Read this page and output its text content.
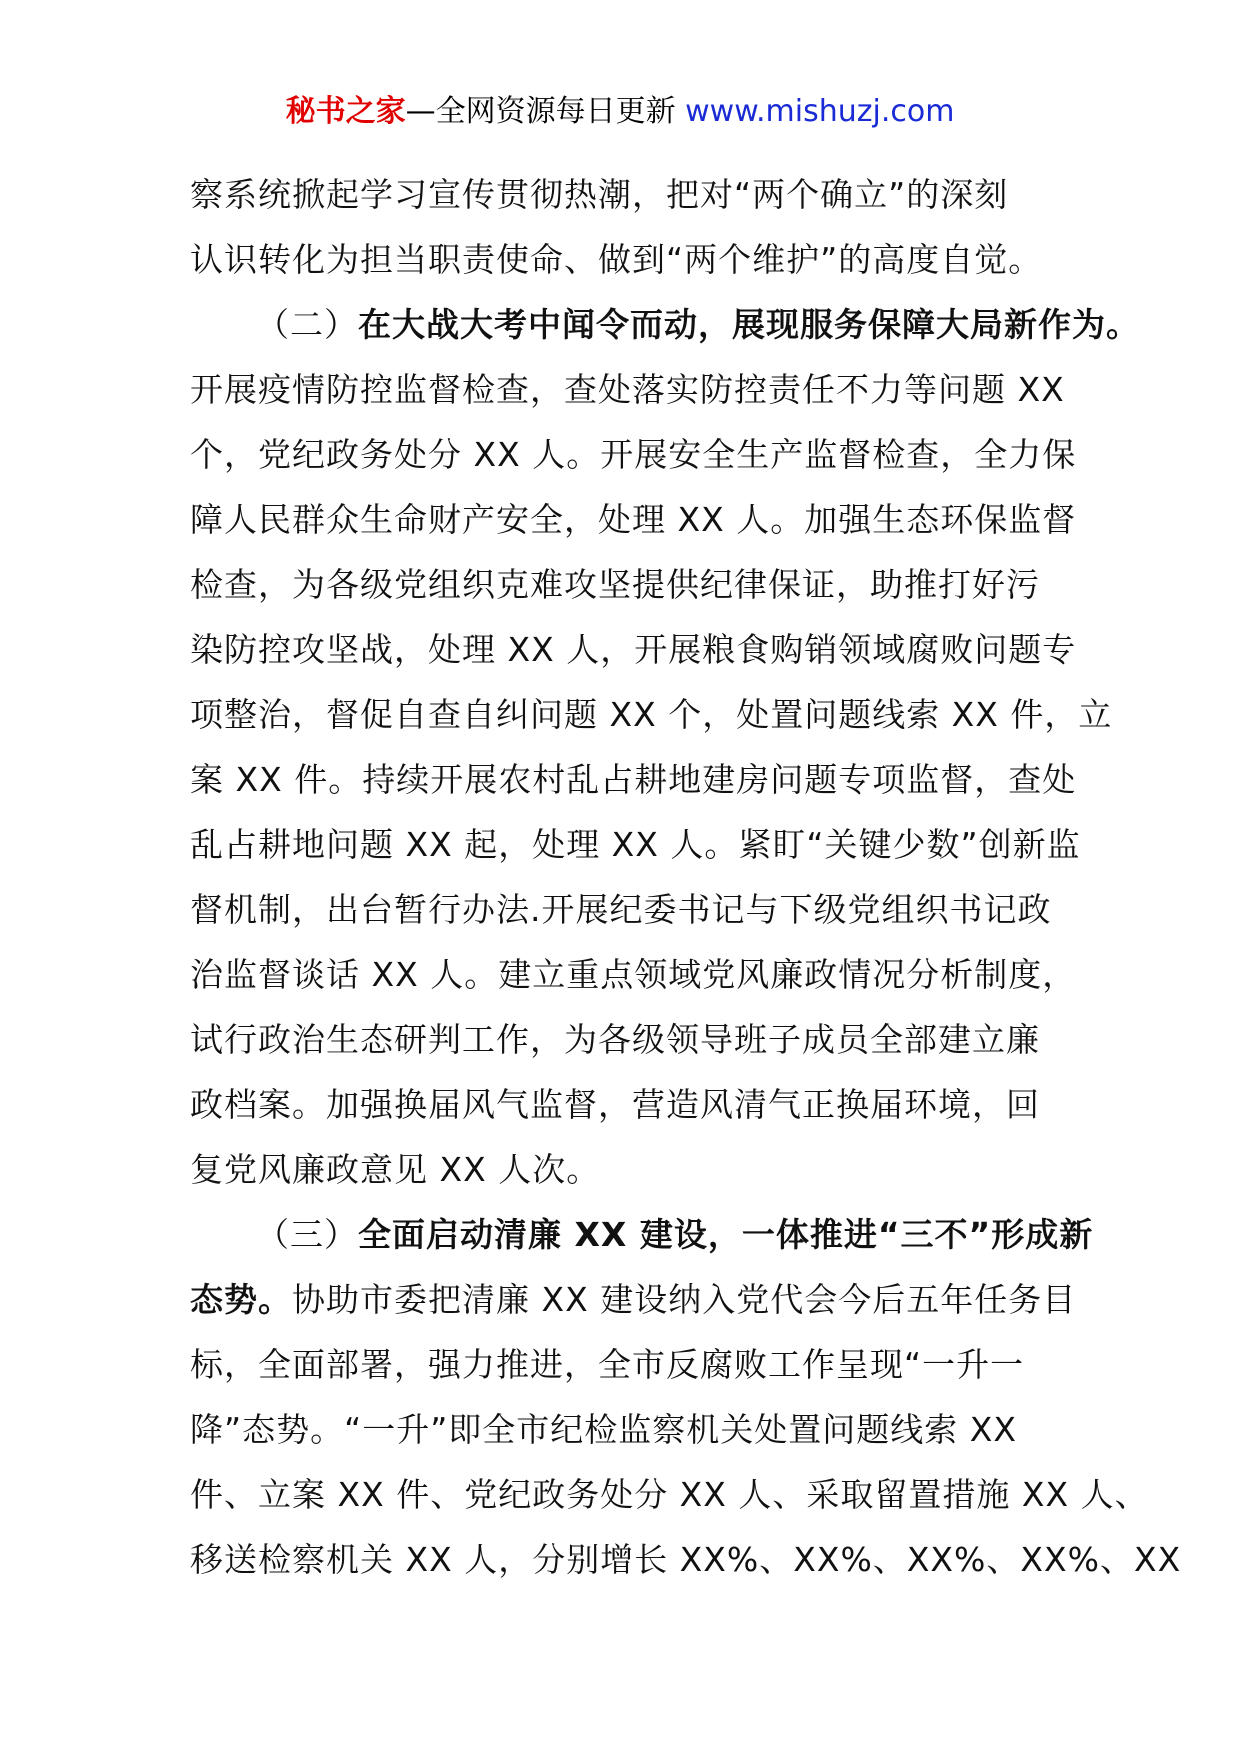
秘书之家—全网资源每日更新 www.mishuzj.com
察系统掀起学习宣传贯彻热潮，把对“两个确立”的深刻
认识转化为担当职责使命、做到“两个维护”的高度自觉。
（二）在大战大考中闻令而动，展现服务保障大局新作为。
开展疫情防控监督检查，查处落实防控责任不力等问题 XX
个，党纪政务处分 XX 人。开展安全生产监督检查，全力保
障人民群众生命财产安全，处理 XX 人。加强生态环保监督
检查，为各级党组织克难攻坚提供纪律保证，助推打好污
染防控攻坚战，处理 XX 人，开展粮食购销领域腐败问题专
项整治，督促自查自纠问题 XX 个，处置问题线索 XX 件，立
案 XX 件。持续开展农村乱占耕地建房问题专项监督，查处
乱占耕地问题 XX 起，处理 XX 人。紧盯“关键少数”创新监
督机制，出台暂行办法.开展纪委书记与下级党组织书记政
治监督谈话 XX 人。建立重点领域党风廉政情况分析制度，
试行政治生态研判工作，为各级领导班子成员全部建立廉
政档案。加强换届风气监督，营造风清气正换届环境，回
复党风廉政意见 XX 人次。
（三）全面启动清廉 XX 建设，一体推进“三不”形成新
态势。协助市委把清廉 XX 建设纳入党代会今后五年任务目
标，全面部署，强力推进，全市反腐败工作呈现“一升一
降”态势。“一升”即全市纪检监察机关处置问题线索 XX
件、立案 XX 件、党纪政务处分 XX 人、采取留置措施 XX 人、
移送检察机关 XX 人，分别增长 XX%、XX%、XX%、XX%、XX
